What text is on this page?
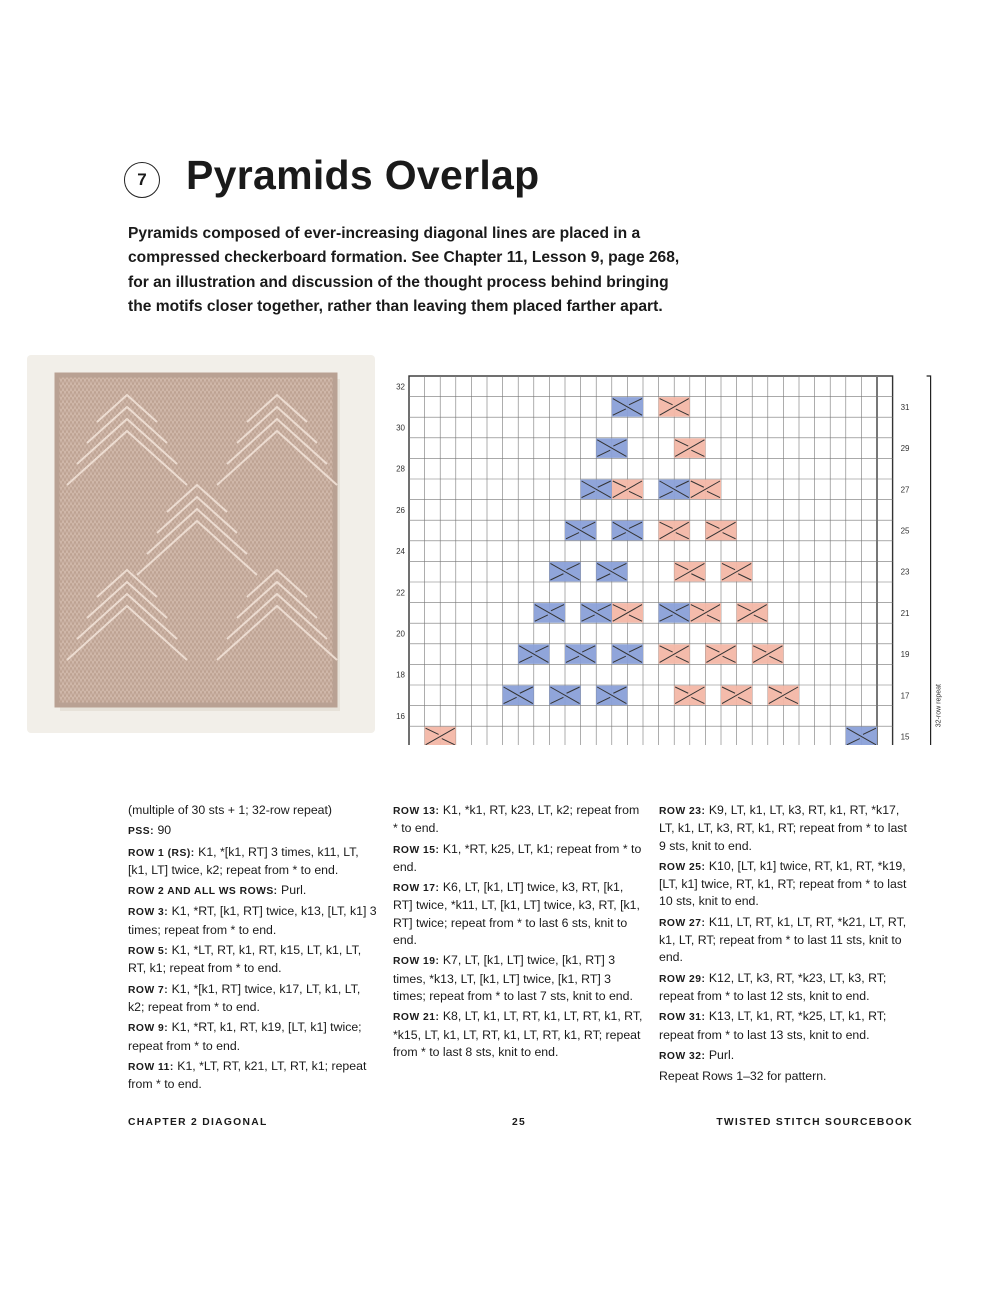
7 Pyramids Overlap
Pyramids composed of ever-increasing diagonal lines are placed in a
compressed checkerboard formation. See Chapter 11, Lesson 9, page 268,
for an illustration and discussion of the thought process behind bringing
the motifs closer together, rather than leaving them placed farther apart.
32
30
28
26
24
22
20
18
16
31
29
27
25
23
21
19
17
15
32-row repeat

(multiple of 30 sts + 1; 32-row repeat)

PSS: 90

ROW 1 (RS): K1, *[k1, RT] 3 times, k11, LT, [k1, LT] twice, k2; repeat from * to end.

ROW 2 AND ALL WS ROWS: Purl.

ROW 3: K1, *RT, [k1, RT] twice, k13, [LT, k1] 3 times; repeat from * to end.

ROW 5: K1, *LT, RT, k1, RT, k15, LT, k1, LT, RT, k1; repeat from * to end.

ROW 7: K1, *[k1, RT] twice, k17, LT, k1, LT, k2; repeat from * to end.

ROW 9: K1, *RT, k1, RT, k19, [LT, k1] twice; repeat from * to end.

ROW 11: K1, *LT, RT, k21, LT, RT, k1; repeat from * to end.

ROW 13: K1, *k1, RT, k23, LT, k2; repeat from * to end.

ROW 15: K1, *RT, k25, LT, k1; repeat from * to end.

ROW 17: K6, LT, [k1, LT] twice, k3, RT, [k1, RT] twice, *k11, LT, [k1, LT] twice, k3, RT, [k1, RT] twice; repeat from * to last 6 sts, knit to end.

ROW 19: K7, LT, [k1, LT] twice, [k1, RT] 3 times, *k13, LT, [k1, LT] twice, [k1, RT] 3 times; repeat from * to last 7 sts, knit to end.

ROW 21: K8, LT, k1, LT, RT, k1, LT, RT, k1, RT, *k15, LT, k1, LT, RT, k1, LT, RT, k1, RT; repeat from * to last 8 sts, knit to end.

ROW 23: K9, LT, k1, LT, k3, RT, k1, RT, *k17, LT, k1, LT, k3, RT, k1, RT; repeat from * to last 9 sts, knit to end.

ROW 25: K10, [LT, k1] twice, RT, k1, RT, *k19, [LT, k1] twice, RT, k1, RT; repeat from * to last 10 sts, knit to end.

ROW 27: K11, LT, RT, k1, LT, RT, *k21, LT, RT, k1, LT, RT; repeat from * to last 11 sts, knit to end.

ROW 29: K12, LT, k3, RT, *k23, LT, k3, RT; repeat from * to last 12 sts, knit to end.

ROW 31: K13, LT, k1, RT, *k25, LT, k1, RT; repeat from * to last 13 sts, knit to end.

ROW 32: Purl.

Repeat Rows 1–32 for pattern.

CHAPTER 2 DIAGONAL	25	TWISTED STITCH SOURCEBOOK
